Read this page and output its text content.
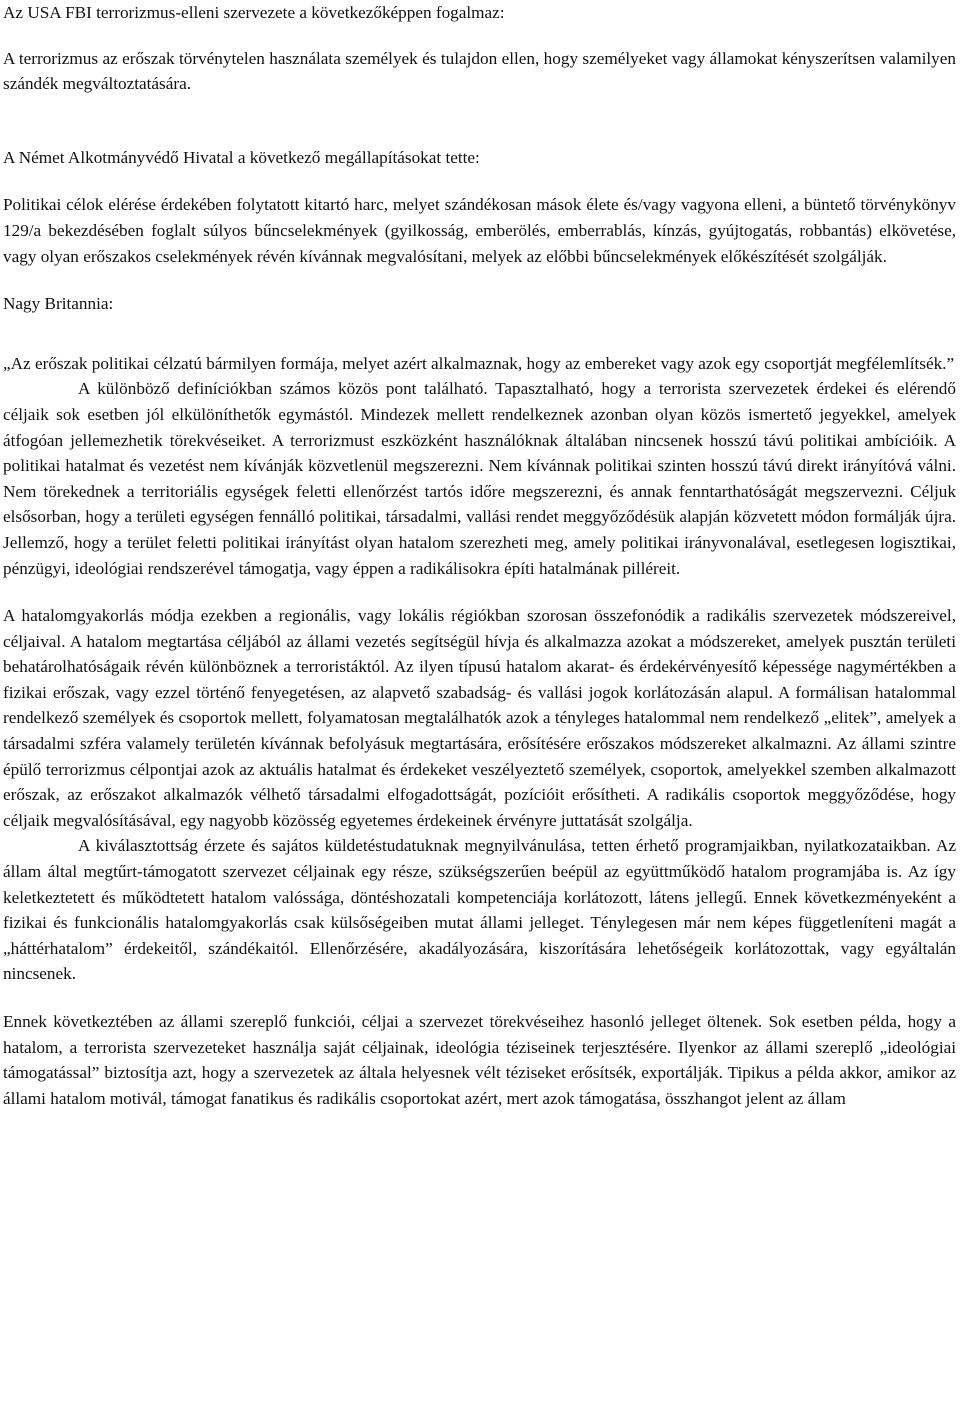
Az USA FBI terrorizmus-elleni szervezete a következőképpen fogalmaz:

A terrorizmus az erőszak törvénytelen használata személyek és tulajdon ellen, hogy személyeket vagy államokat kényszerítsen valamilyen szándék megváltoztatására.

A Német Alkotmányvédő Hivatal a következő megállapításokat tette:

Politikai célok elérése érdekében folytatott kitartó harc, melyet szándékosan mások élete és/vagy vagyona elleni, a büntető törvénykönyv 129/a bekezdésében foglalt súlyos bűncselekmények (gyilkosság, emberölés, emberrablás, kínzás, gyújtogatás, robbantás) elkövetése, vagy olyan erőszakos cselekmények révén kívánnak megvalósítani, melyek az előbbi bűncselekmények előkészítését szolgálják.

Nagy Britannia:

„Az erőszak politikai célzatú bármilyen formája, melyet azért alkalmaznak, hogy az embereket vagy azok egy csoportját megfélemlítsék.”

A különböző definíciókban számos közös pont található. Tapasztalható, hogy a terrorista szervezetek érdekei és elérendő céljaik sok esetben jól elkülöníthetők egymástól. Mindezek mellett rendelkeznek azonban olyan közös ismertető jegyekkel, amelyek átfogóan jellemezhetik törekvéseiket. A terrorizmust eszközként használóknak általában nincsenek hosszú távú politikai ambícióik. A politikai hatalmat és vezetést nem kívánják közvetlenül megszerezni. Nem kívánnak politikai szinten hosszú távú direkt irányítóvá válni. Nem törekednek a territoriális egységek feletti ellenőrzést tartós időre megszerezni, és annak fenntarthatóságát megszervezni. Céljuk elsősorban, hogy a területi egységen fennálló politikai, társadalmi, vallási rendet meggyőződésük alapján közvetett módon formálják újra. Jellemző, hogy a terület feletti politikai irányítást olyan hatalom szerezheti meg, amely politikai irányvonalával, esetlegesen logisztikai, pénzügyi, ideológiai rendszerével támogatja, vagy éppen a radikálisokra építi hatalmának pilléreit.

A hatalomgyakorlás módja ezekben a regionális, vagy lokális régiókban szorosan összefonódik a radikális szervezetek módszereivel, céljaival. A hatalom megtartása céljából az állami vezetés segítségül hívja és alkalmazza azokat a módszereket, amelyek pusztán területi behatárolhatóságaik révén különböznek a terroristáktól. Az ilyen típusú hatalom akarat- és érdekérvényesítő képessége nagymértékben a fizikai erőszak, vagy ezzel történő fenyegetésen, az alapvető szabadság- és vallási jogok korlátozásán alapul. A formálisan hatalommal rendelkező személyek és csoportok mellett, folyamatosan megtalálhatók azok a tényleges hatalommal nem rendelkező „elitek”, amelyek a társadalmi szféra valamely területén kívánnak befolyásuk megtartására, erősítésére erőszakos módszereket alkalmazni. Az állami szintre épülő terrorizmus célpontjai azok az aktuális hatalmat és érdekeket veszélyeztető személyek, csoportok, amelyekkel szemben alkalmazott erőszak, az erőszakot alkalmazók vélhető társadalmi elfogadottságát, pozícióit erősítheti. A radikális csoportok meggyőződése, hogy céljaik megvalósításával, egy nagyobb közösség egyetemes érdekeinek érvényre juttatását szolgálja.

A kiválasztottság érzete és sajátos küldetéstudatuknak megnyilvánulása, tetten érhető programjaikban, nyilatkozataikban. Az állam által megtűrt-támogatott szervezet céljainak egy része, szükségszerűen beépül az együttműködő hatalom programjába is. Az így keletkeztetett és működtetett hatalom valóssága, döntéshozatali kompetenciája korlátozott, látens jellegű. Ennek következményeként a fizikai és funkcionális hatalomgyakorlás csak külsőségeiben mutat állami jelleget. Ténylegesen már nem képes függetleníteni magát a „háttérhatalom” érdekeitől, szándékaitól. Ellenőrzésére, akadályozására, kiszorítására lehetőségeik korlátozottak, vagy egyáltalán nincsenek.

Ennek következtében az állami szereplő funkciói, céljai a szervezet törekvéseihez hasonló jelleget öltenek. Sok esetben példa, hogy a hatalom, a terrorista szervezeteket használja saját céljainak, ideológia téziseinek terjesztésére. Ilyenkor az állami szereplő „ideológiai támogatással” biztosítja azt, hogy a szervezetek az általa helyesnek vélt téziseket erősítsék, exportálják. Tipikus a példa akkor, amikor az állami hatalom motivál, támogat fanatikus és radikális csoportokat azért, mert azok támogatása, összhangot jelent az állam
